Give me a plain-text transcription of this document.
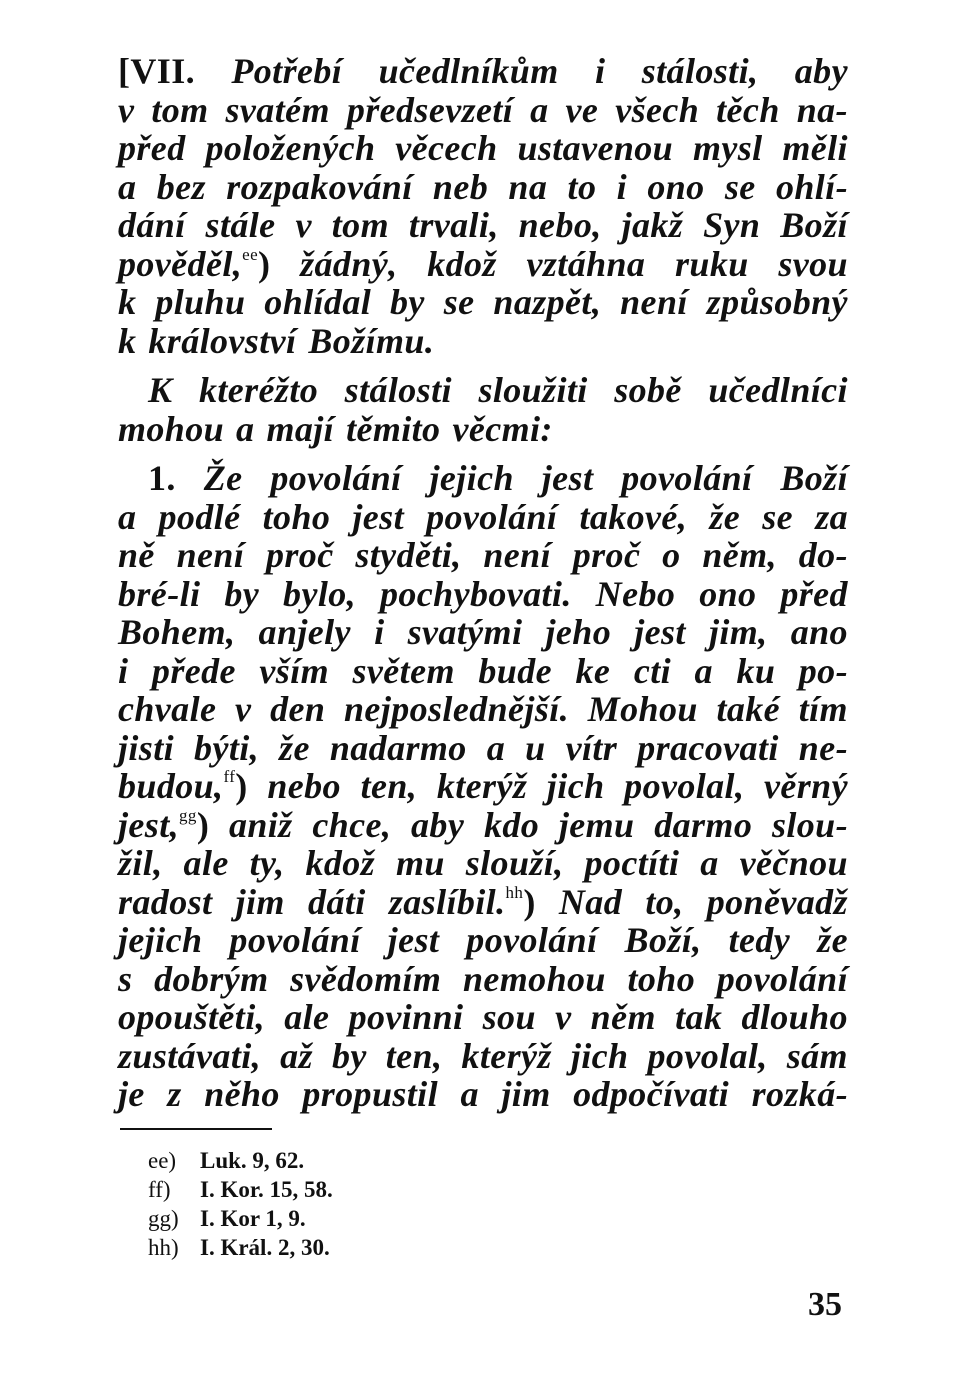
[VII. Potřebí učedlníkům i stálosti, aby
v tom svatém předsevzetí a ve všech těch na-
před položených věcech ustavenou mysl měli
a bez rozpakování neb na to i ono se ohlí-
dání stále v tom trvali, nebo, jakž Syn Boží
pověděl,$^{ee}$) žádný, kdož vztáhna ruku svou
k pluhu ohlídal by se nazpět, není způsobný
k království Božímu.
K kteréžto stálosti sloužiti sobě učedlníci
mohou a mají těmito věcmi:
1. Že povolání jejich jest povolání Boží
a podlé toho jest povolání takové, že se za
ně není proč styděti, není proč o něm, do-
bré-li by bylo, pochybovati. Nebo ono před
Bohem, anjely i svatými jeho jest jim, ano
i přede vším světem bude ke cti a ku po-
chvale v den nejposlednější. Mohou také tím
jisti býti, že nadarmo a u vítr pracovati ne-
budou,$^{ff}$) nebo ten, kterýž jich povolal, věrný
jest,$^{gg}$) aniž chce, aby kdo jemu darmo slou-
žil, ale ty, kdož mu slouží, poctíti a věčnou
radost jim dáti zaslíbil.$^{hh}$) Nad to, poněvadž
jejich povolání jest povolání Boží, tedy že
s dobrým svědomím nemohou toho povolání
opouštěti, ale povinni sou v něm tak dlouho
zustávati, až by ten, kterýž jich povolal, sám
je z něho propustil a jim odpočívati rozká-
ee) Luk. 9, 62.
ff) I. Kor. 15, 58.
gg) I. Kor 1, 9.
hh) I. Král. 2, 30.
35
